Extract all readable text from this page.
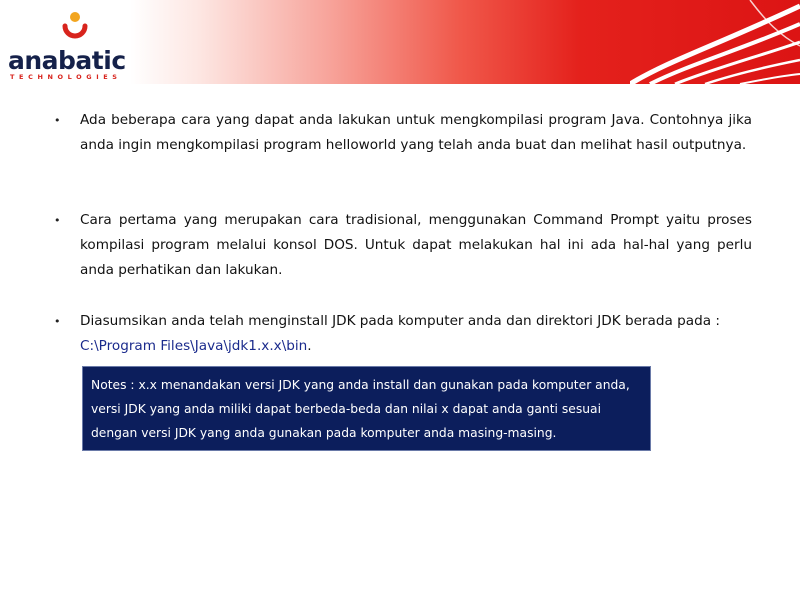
anabatic
TECHNOLOGIES
• Ada beberapa cara yang dapat anda lakukan untuk mengkompilasi program Java. Contohnya jika anda ingin mengkompilasi program helloworld yang telah anda buat dan melihat hasil outputnya.
• Cara pertama yang merupakan cara tradisional, menggunakan Command Prompt yaitu proses kompilasi program melalui konsol DOS. Untuk dapat melakukan hal ini ada hal-hal yang perlu anda perhatikan dan lakukan.
• Diasumsikan anda telah menginstall JDK pada komputer anda dan direktori JDK berada pada :
C:\Program Files\Java\jdk1.x.x\bin.
Notes : x.x menandakan versi JDK yang anda install dan gunakan pada komputer anda, versi JDK yang anda miliki dapat berbeda-beda dan nilai x dapat anda ganti sesuai dengan versi JDK yang anda gunakan pada komputer anda masing-masing.
